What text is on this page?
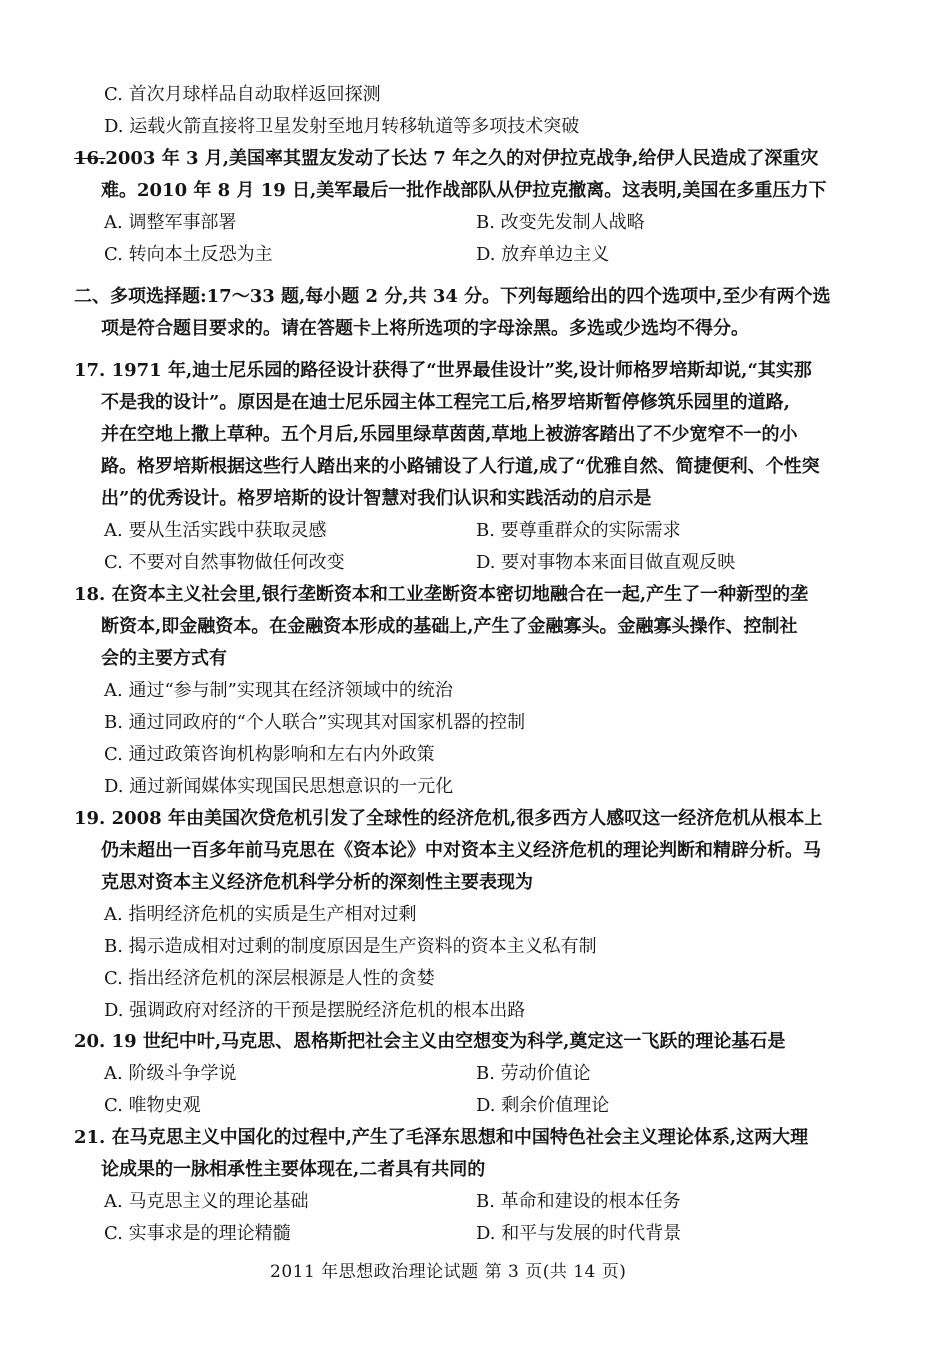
C. 首次月球样品自动取样返回探测
D. 运载火箭直接将卫星发射至地月转移轨道等多项技术突破
16.2003 年 3 月,美国率其盟友发动了长达 7 年之久的对伊拉克战争,给伊人民造成了深重灾
难。2010 年 8 月 19 日,美军最后一批作战部队从伊拉克撤离。这表明,美国在多重压力下
A. 调整军事部署	B. 改变先发制人战略
C. 转向本土反恐为主	D. 放弃单边主义
二、多项选择题:17～33 题,每小题 2 分,共 34 分。下列每题给出的四个选项中,至少有两个选
项是符合题目要求的。请在答题卡上将所选项的字母涂黑。多选或少选均不得分。
17. 1971 年,迪士尼乐园的路径设计获得了“世界最佳设计”奖,设计师格罗培斯却说,“其实那
不是我的设计”。原因是在迪士尼乐园主体工程完工后,格罗培斯暂停修筑乐园里的道路,
并在空地上撒上草种。五个月后,乐园里绿草茵茵,草地上被游客踏出了不少宽窄不一的小
路。格罗培斯根据这些行人踏出来的小路铺设了人行道,成了“优雅自然、简捷便利、个性突
出”的优秀设计。格罗培斯的设计智慧对我们认识和实践活动的启示是
A. 要从生活实践中获取灵感	B. 要尊重群众的实际需求
C. 不要对自然事物做任何改变	D. 要对事物本来面目做直观反映
18. 在资本主义社会里,银行垄断资本和工业垄断资本密切地融合在一起,产生了一种新型的垄
断资本,即金融资本。在金融资本形成的基础上,产生了金融寡头。金融寡头操作、控制社
会的主要方式有
A. 通过“参与制”实现其在经济领域中的统治
B. 通过同政府的“个人联合”实现其对国家机器的控制
C. 通过政策咨询机构影响和左右内外政策
D. 通过新闻媒体实现国民思想意识的一元化
19. 2008 年由美国次贷危机引发了全球性的经济危机,很多西方人感叹这一经济危机从根本上
仍未超出一百多年前马克思在《资本论》中对资本主义经济危机的理论判断和精辟分析。马
克思对资本主义经济危机科学分析的深刻性主要表现为
A. 指明经济危机的实质是生产相对过剩
B. 揭示造成相对过剩的制度原因是生产资料的资本主义私有制
C. 指出经济危机的深层根源是人性的贪婪
D. 强调政府对经济的干预是摆脱经济危机的根本出路
20. 19 世纪中叶,马克思、恩格斯把社会主义由空想变为科学,奠定这一飞跃的理论基石是
A. 阶级斗争学说	B. 劳动价值论
C. 唯物史观	D. 剩余价值理论
21. 在马克思主义中国化的过程中,产生了毛泽东思想和中国特色社会主义理论体系,这两大理
论成果的一脉相承性主要体现在,二者具有共同的
A. 马克思主义的理论基础	B. 革命和建设的根本任务
C. 实事求是的理论精髓	D. 和平与发展的时代背景
2011 年思想政治理论试题 第 3 页(共 14 页)
